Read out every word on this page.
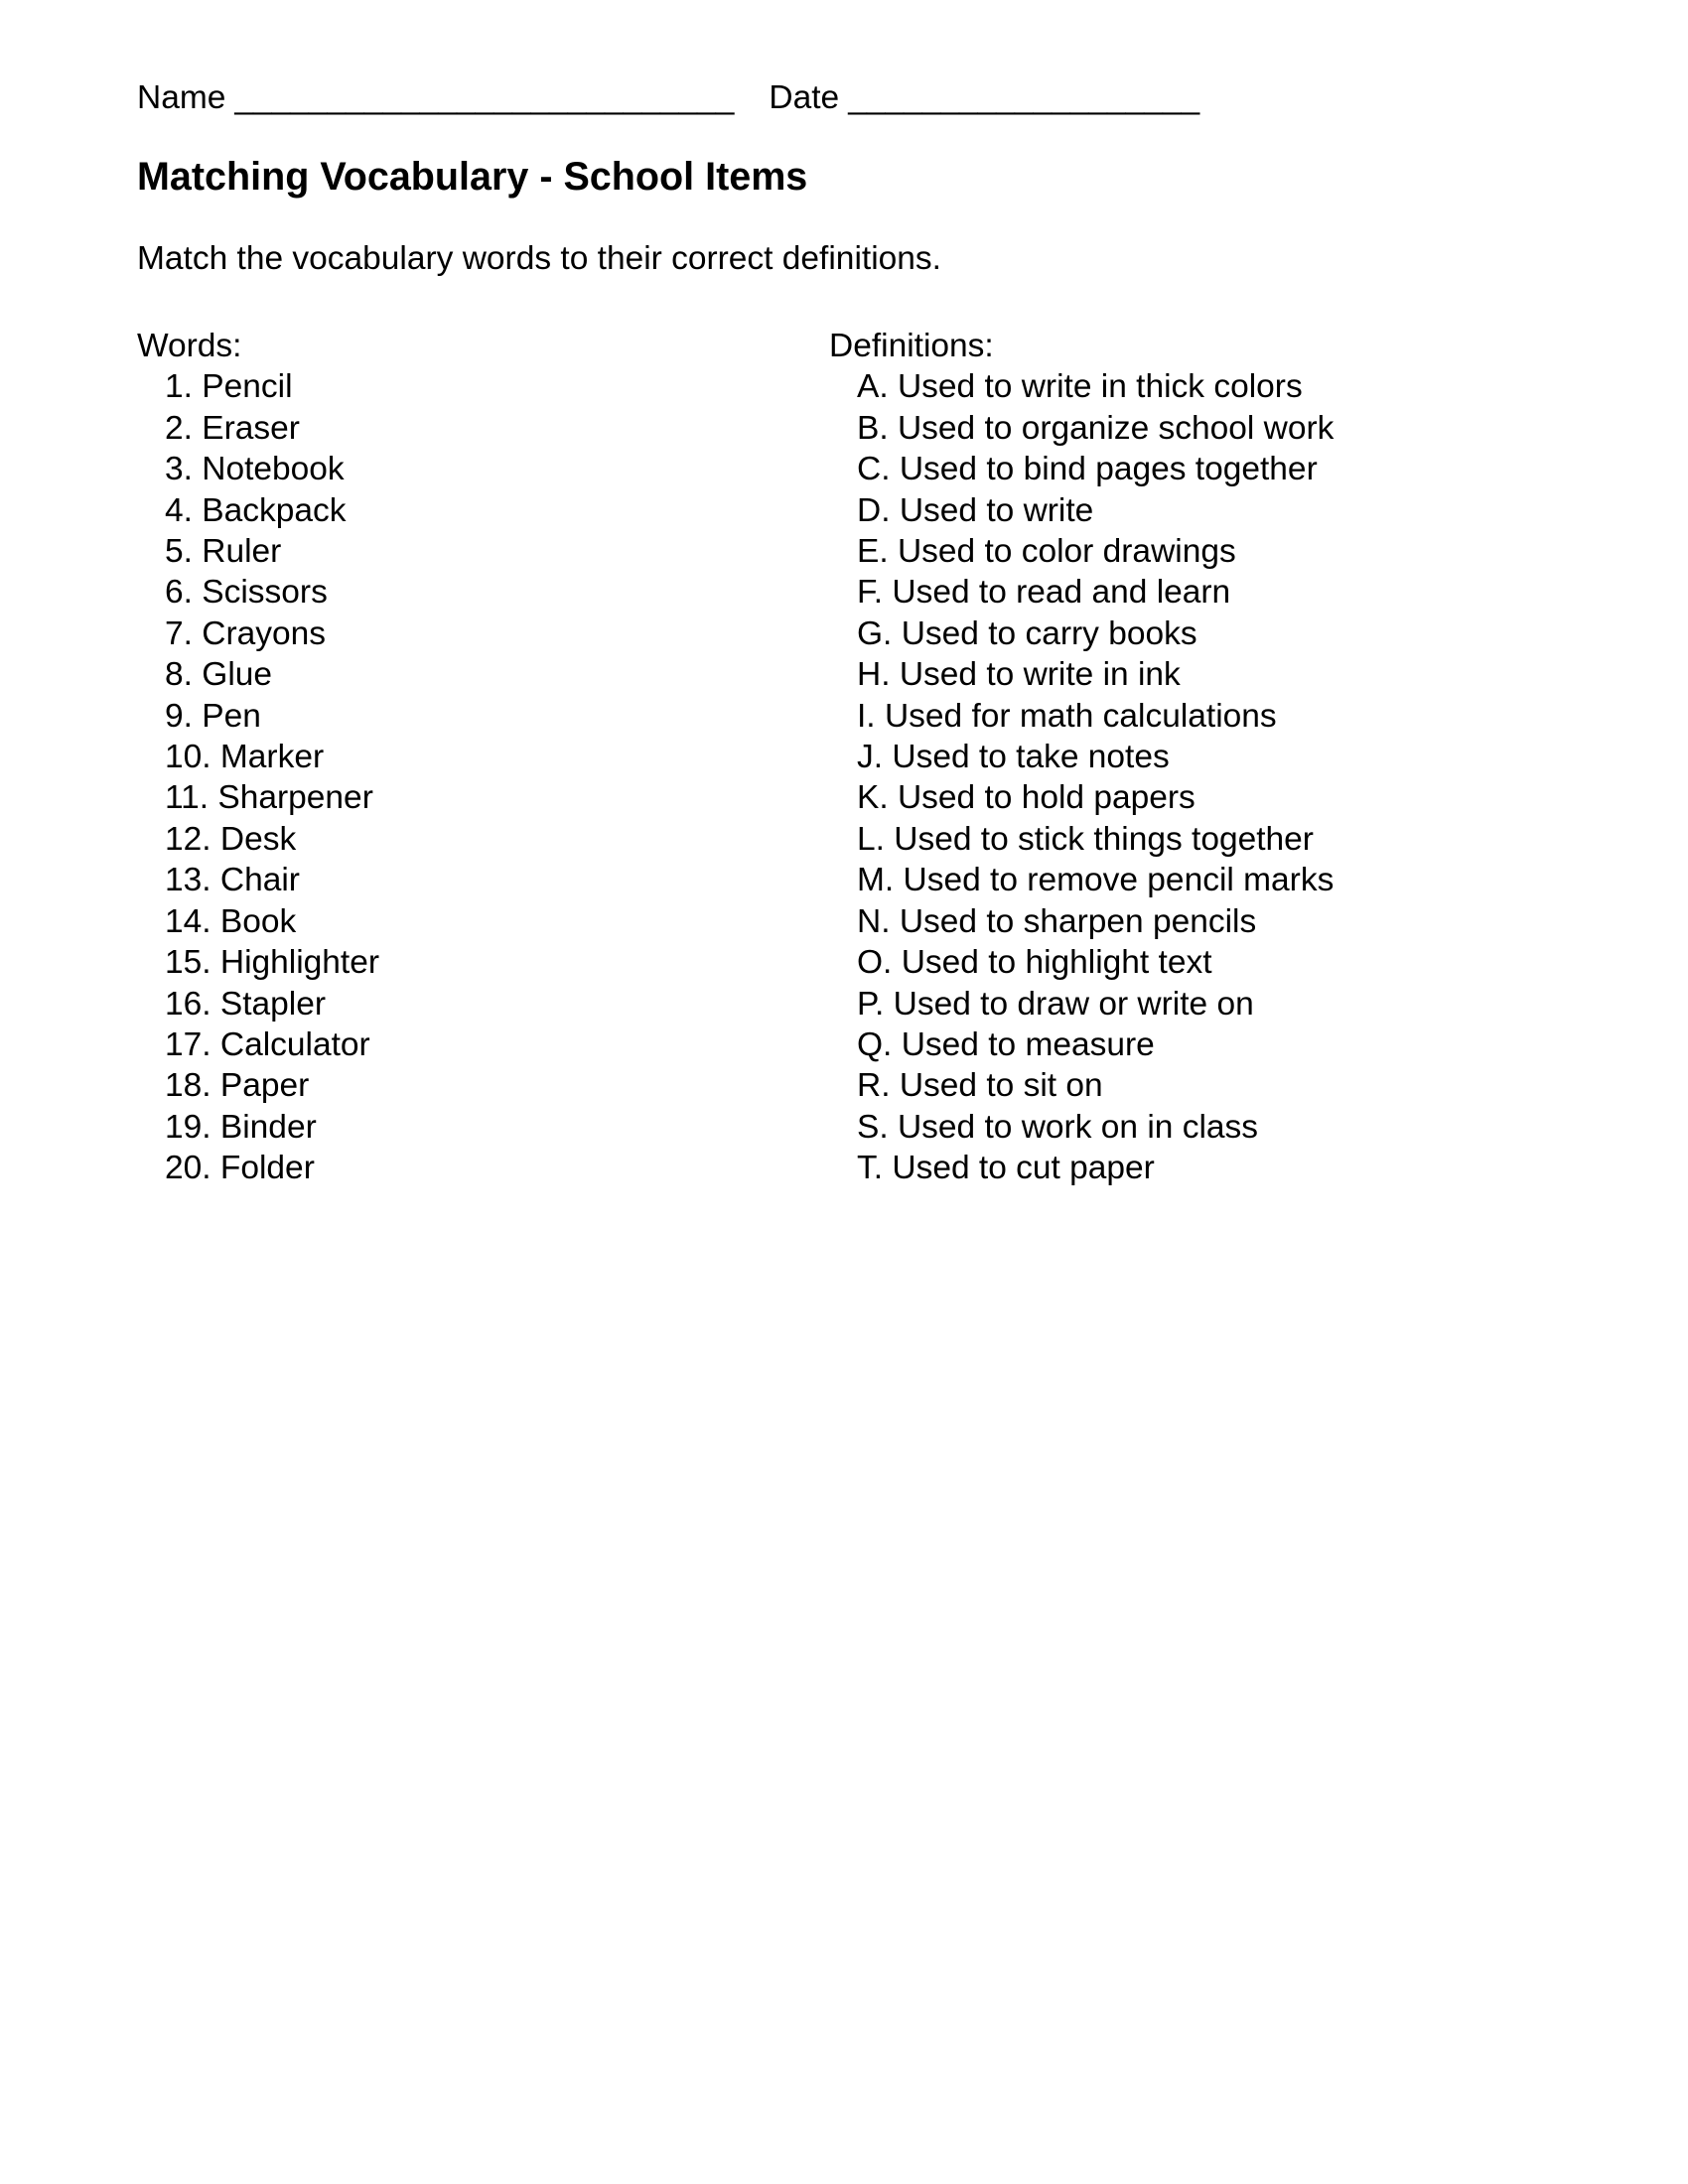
Name ___________________________ Date ___________________
Matching Vocabulary - School Items

Match the vocabulary words to their correct definitions.

Words:
1. Pencil
2. Eraser
3. Notebook
4. Backpack
5. Ruler
6. Scissors
7. Crayons
8. Glue
9. Pen
10. Marker
11. Sharpener
12. Desk
13. Chair
14. Book
15. Highlighter
16. Stapler
17. Calculator
18. Paper
19. Binder
20. Folder
Definitions:
A. Used to write in thick colors
B. Used to organize school work
C. Used to bind pages together
D. Used to write
E. Used to color drawings
F. Used to read and learn
G. Used to carry books
H. Used to write in ink
I. Used for math calculations
J. Used to take notes
K. Used to hold papers
L. Used to stick things together
M. Used to remove pencil marks
N. Used to sharpen pencils
O. Used to highlight text
P. Used to draw or write on
Q. Used to measure
R. Used to sit on
S. Used to work on in class
T. Used to cut paper
